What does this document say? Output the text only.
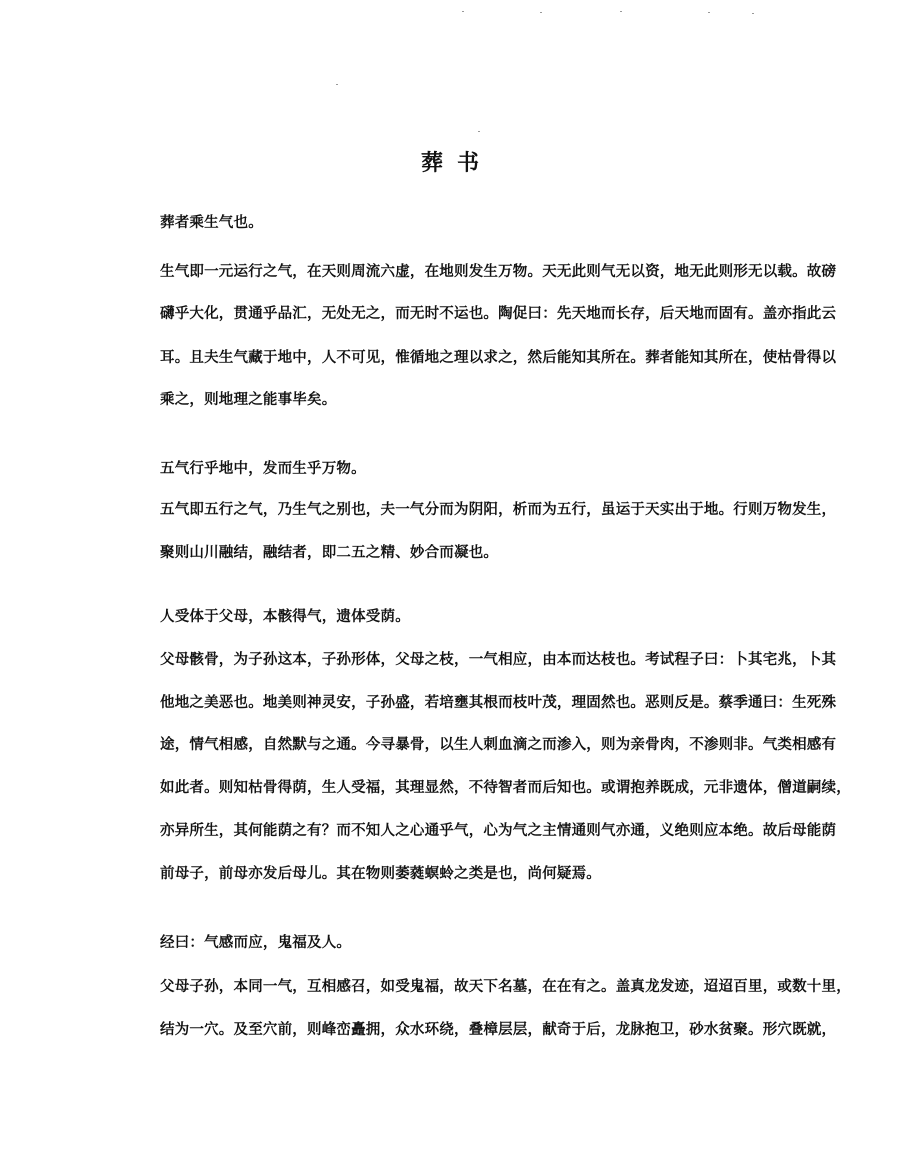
葬书
葬者乘生气也。
生气即一元运行之气，在天则周流六虚，在地则发生万物。天无此则气无以资，地无此则形无以载。故磅
礴乎大化，贯通乎品汇，无处无之，而无时不运也。陶促曰：先天地而长存，后天地而固有。盖亦指此云
耳。且夫生气藏于地中，人不可见，惟循地之理以求之，然后能知其所在。葬者能知其所在，使枯骨得以
乘之，则地理之能事毕矣。
五气行乎地中，发而生乎万物。
五气即五行之气，乃生气之别也，夫一气分而为阴阳，析而为五行，虽运于天实出于地。行则万物发生，
聚则山川融结，融结者，即二五之精、妙合而凝也。
人受体于父母，本骸得气，遗体受荫。
父母骸骨，为子孙这本，子孙形体，父母之枝，一气相应，由本而达枝也。考试程子曰：卜其宅兆，卜其
他地之美恶也。地美则神灵安，子孙盛，若培壅其根而枝叶茂，理固然也。恶则反是。蔡季通曰：生死殊
途，情气相感，自然默与之通。今寻暴骨，以生人刺血滴之而渗入，则为亲骨肉，不渗则非。气类相感有
如此者。则知枯骨得荫，生人受福，其理显然，不待智者而后知也。或谓抱养既成，元非遗体，僧道嗣续，
亦异所生，其何能荫之有？而不知人之心通乎气，心为气之主情通则气亦通，义绝则应本绝。故后母能荫
前母子，前母亦发后母儿。其在物则萎蕤螟蛉之类是也，尚何疑焉。
经曰：气感而应，鬼福及人。
父母子孙，本同一气，互相感召，如受鬼福，故天下名墓，在在有之。盖真龙发迹，迢迢百里，或数十里，
结为一穴。及至穴前，则峰峦矗拥，众水环绕，叠樟层层，献奇于后，龙脉抱卫，砂水贫聚。形穴既就，
